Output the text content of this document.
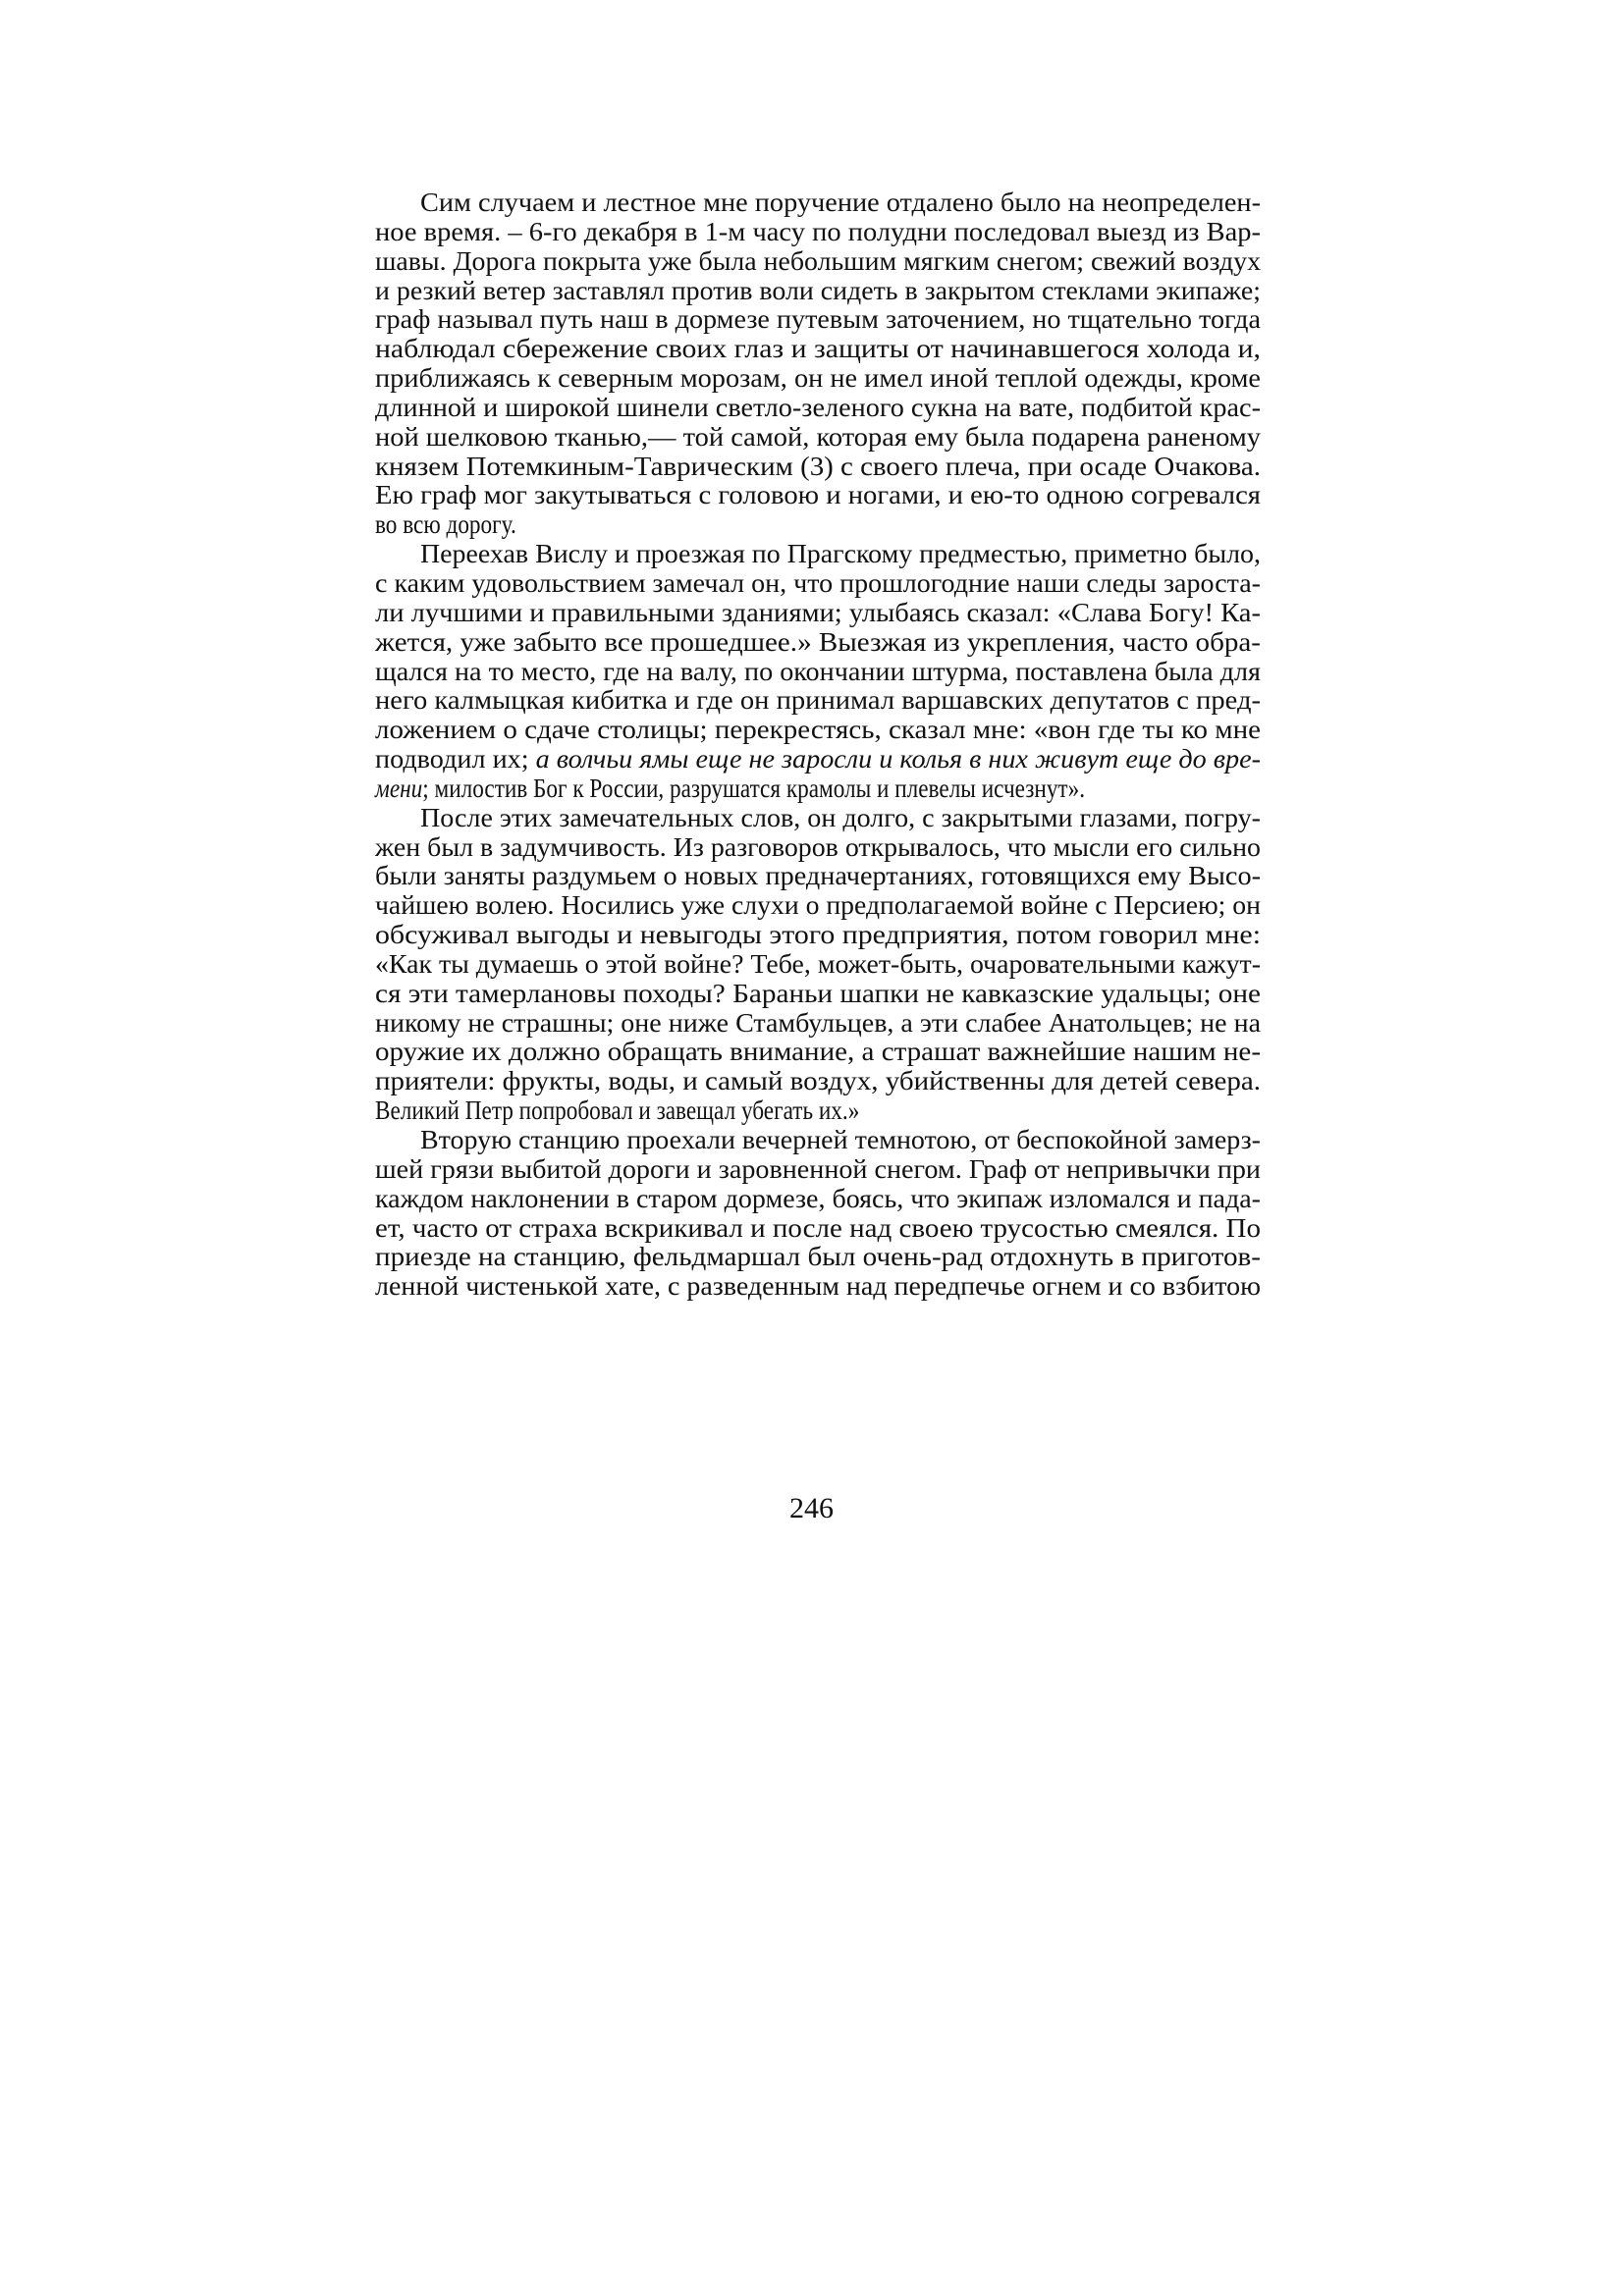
Сим случаем и лестное мне поручение отдалено было на неопределен-
ное время. – 6-го декабря в 1-м часу по полудни последовал выезд из Вар-
шавы. Дорога покрыта уже была небольшим мягким снегом; свежий воздух
и резкий ветер заставлял против воли сидеть в закрытом стеклами экипаже;
граф называл путь наш в дормезе путевым заточением, но тщательно тогда
наблюдал сбережение своих глаз и защиты от начинавшегося холода и,
приближаясь к северным морозам, он не имел иной теплой одежды, кроме
длинной и широкой шинели светло-зеленого сукна на вате, подбитой крас-
ной шелковою тканью,— той самой, которая ему была подарена раненому
князем Потемкиным-Таврическим (3) с своего плеча, при осаде Очакова.
Ею граф мог закутываться с головою и ногами, и ею-то одною согревался
во всю дорогу.
Переехав Вислу и проезжая по Прагскому предместью, приметно было,
с каким удовольствием замечал он, что прошлогодние наши следы зароста-
ли лучшими и правильными зданиями; улыбаясь сказал: «Слава Богу! Ка-
жется, уже забыто все прошедшее.» Выезжая из укрепления, часто обра-
щался на то место, где на валу, по окончании штурма, поставлена была для
него калмыцкая кибитка и где он принимал варшавских депутатов с пред-
ложением о сдаче столицы; перекрестясь, сказал мне: «вон где ты ко мне
подводил их; а волчьи ямы еще не заросли и колья в них живут еще до вре-
мени; милостив Бог к России, разрушатся крамолы и плевелы исчезнут».
После этих замечательных слов, он долго, с закрытыми глазами, погру-
жен был в задумчивость. Из разговоров открывалось, что мысли его сильно
были заняты раздумьем о новых предначертаниях, готовящихся ему Высо-
чайшею волею. Носились уже слухи о предполагаемой войне с Персиею; он
обсуживал выгоды и невыгоды этого предприятия, потом говорил мне:
«Как ты думаешь о этой войне? Тебе, может-быть, очаровательными кажут-
ся эти тамерлановы походы? Бараньи шапки не кавказские удальцы; оне
никому не страшны; оне ниже Стамбульцев, а эти слабее Анатольцев; не на
оружие их должно обращать внимание, а страшат важнейшие нашим не-
приятели: фрукты, воды, и самый воздух, убийственны для детей севера.
Великий Петр попробовал и завещал убегать их.»
Вторую станцию проехали вечерней темнотою, от беспокойной замерз-
шей грязи выбитой дороги и заровненной снегом. Граф от непривычки при
каждом наклонении в старом дормезе, боясь, что экипаж изломался и пада-
ет, часто от страха вскрикивал и после над своею трусостью смеялся. По
приезде на станцию, фельдмаршал был очень-рад отдохнуть в приготов-
ленной чистенькой хате, с разведенным над передпечье огнем и со взбитою
246
